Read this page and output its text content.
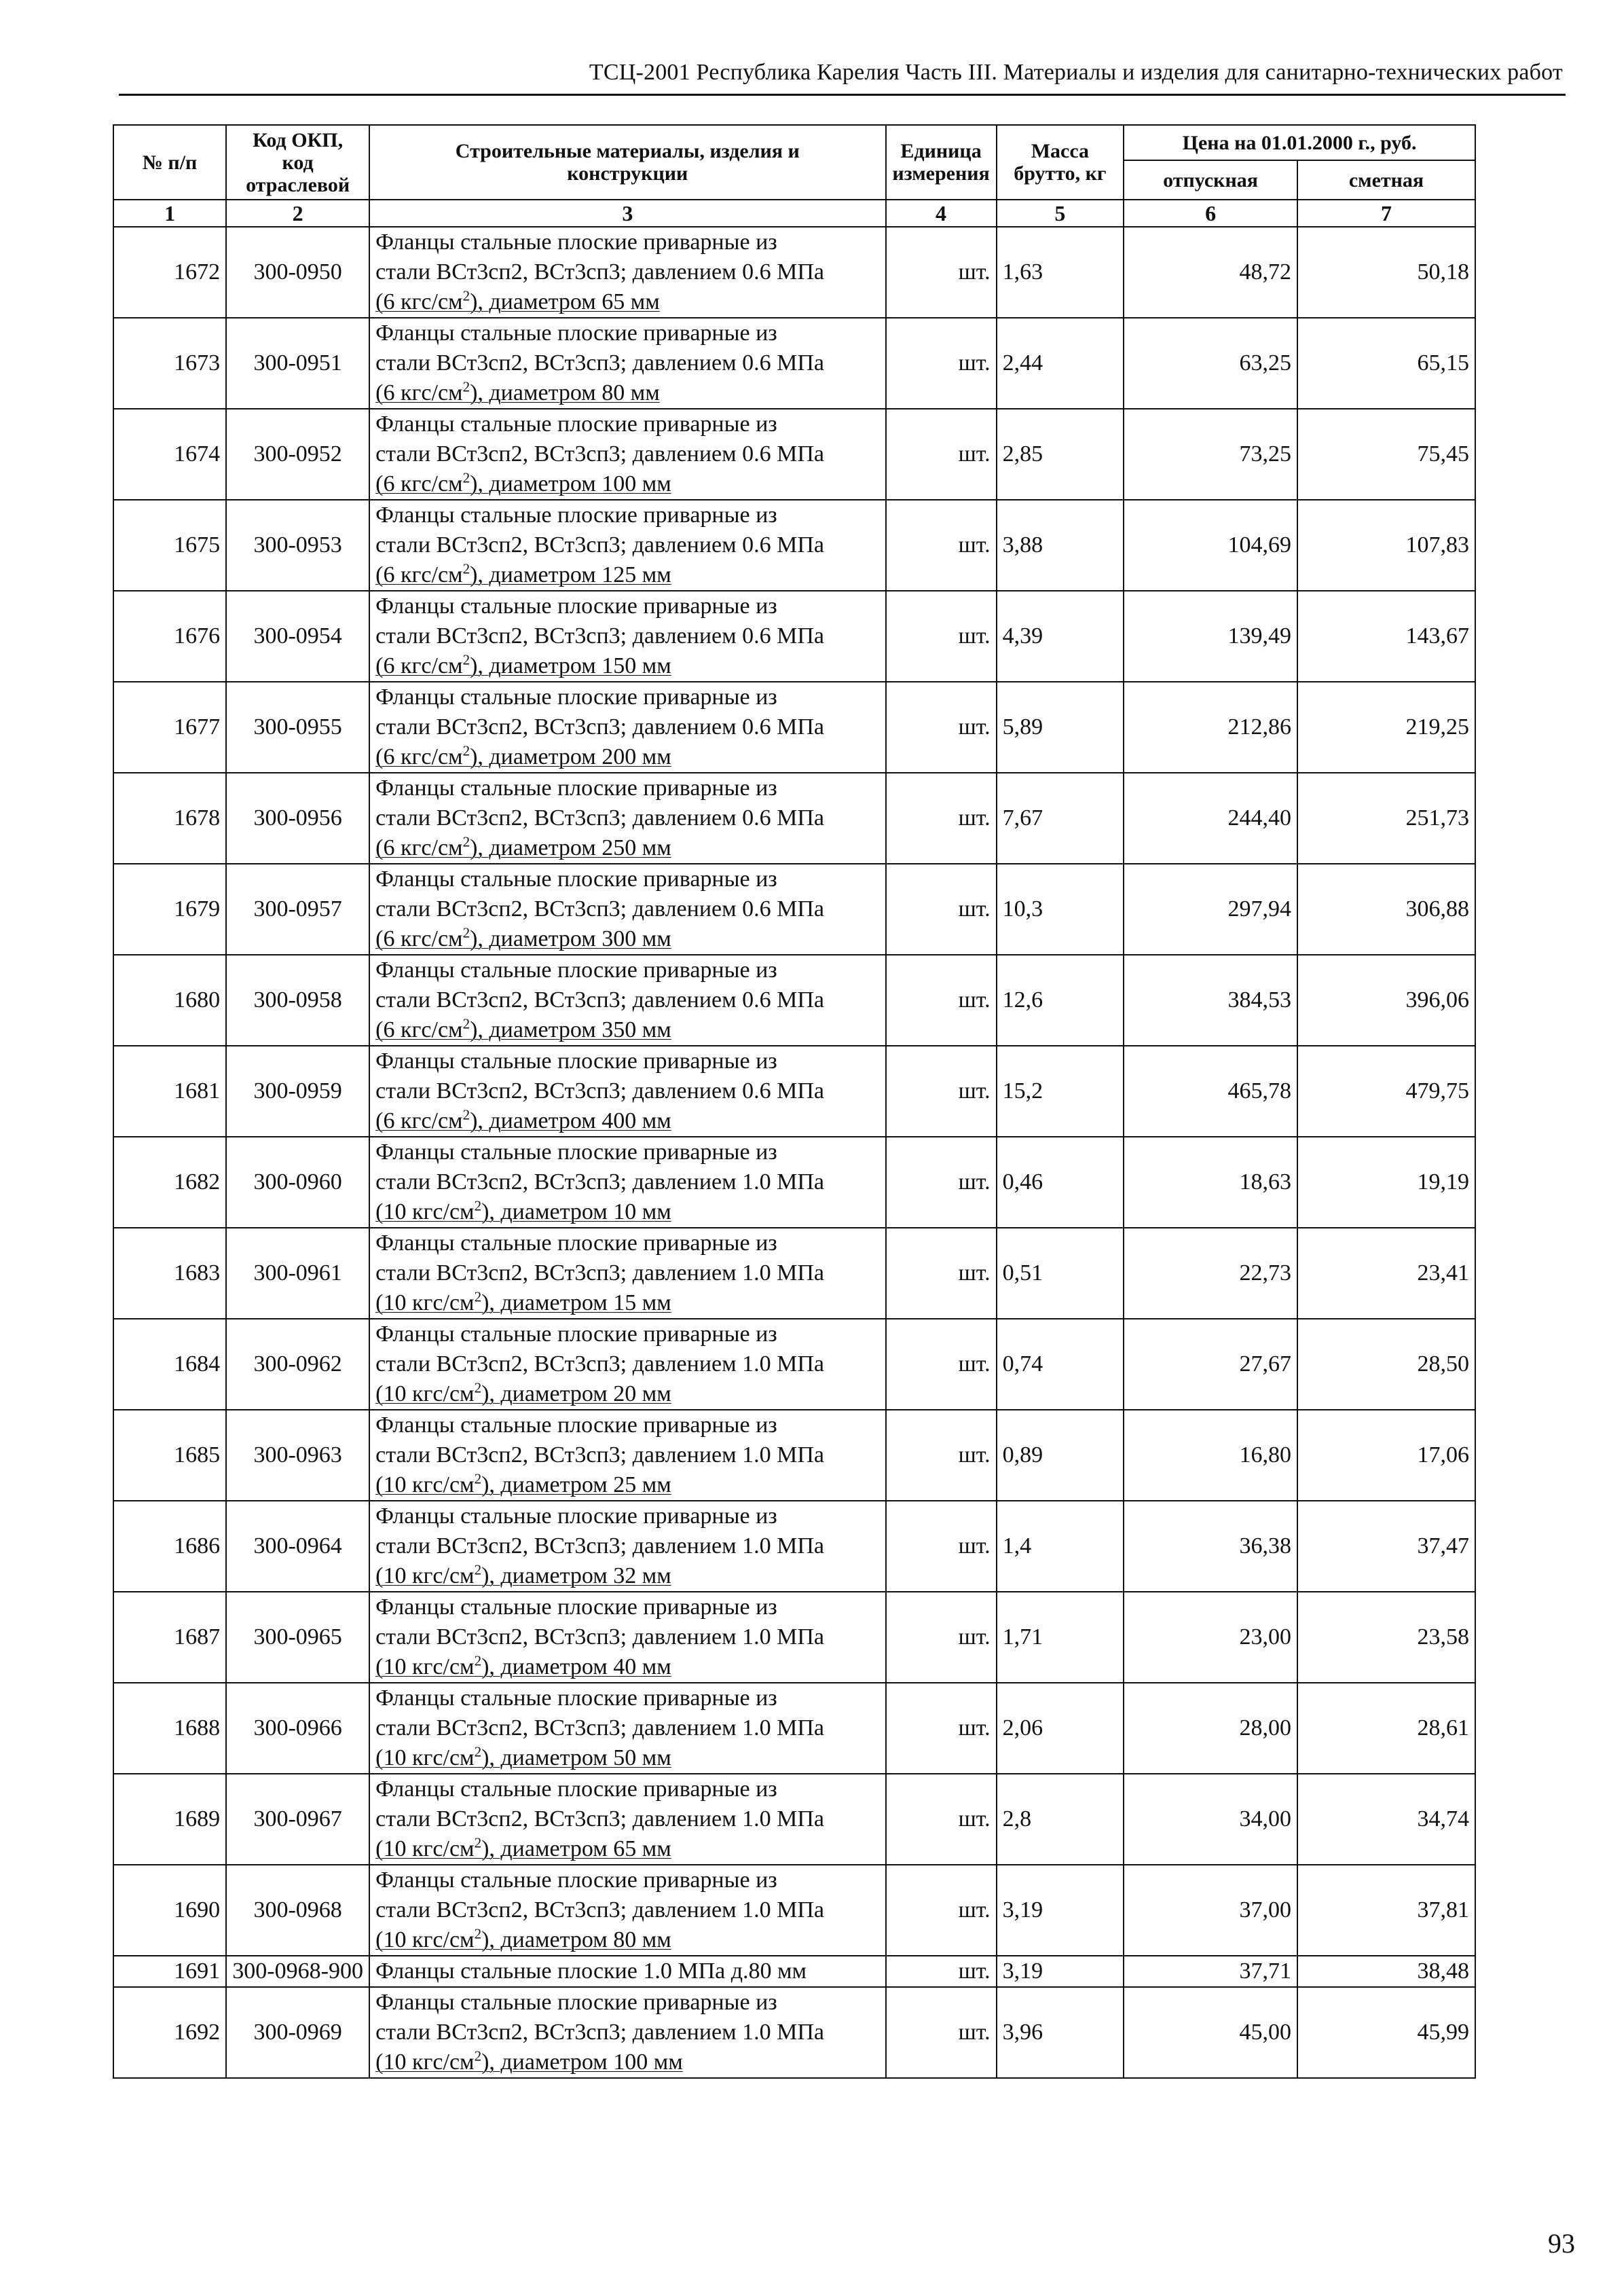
ТСЦ-2001 Республика Карелия Часть III. Материалы и изделия для санитарно-технических работ
№ п/п	Код ОКП,
код
отраслевой	Строительные материалы, изделия и
конструкции	Единица
измерения	Масса
брутто, кг	Цена на 01.01.2000 г., руб.	
					отпускная	сметная
1	2	3	4	5	6	7
1672	300-0950	Фланцы стальные плоские приварные из
стали ВСт3сп2, ВСт3сп3; давлением 0.6 МПа
(6 кгс/$см^2$), диаметром 65 мм	шт.	1,63	48,72	50,18
1673	300-0951	Фланцы стальные плоские приварные из
стали ВСт3сп2, ВСт3сп3; давлением 0.6 МПа
(6 кгс/$см^2$), диаметром 80 мм	шт.	2,44	63,25	65,15
1674	300-0952	Фланцы стальные плоские приварные из
стали ВСт3сп2, ВСт3сп3; давлением 0.6 МПа
(6 кгс/$см^2$), диаметром 100 мм	шт.	2,85	73,25	75,45
1675	300-0953	Фланцы стальные плоские приварные из
стали ВСт3сп2, ВСт3сп3; давлением 0.6 МПа
(6 кгс/$см^2$), диаметром 125 мм	шт.	3,88	104,69	107,83
1676	300-0954	Фланцы стальные плоские приварные из
стали ВСт3сп2, ВСт3сп3; давлением 0.6 МПа
(6 кгс/$см^2$), диаметром 150 мм	шт.	4,39	139,49	143,67
1677	300-0955	Фланцы стальные плоские приварные из
стали ВСт3сп2, ВСт3сп3; давлением 0.6 МПа
(6 кгс/$см^2$), диаметром 200 мм	шт.	5,89	212,86	219,25
1678	300-0956	Фланцы стальные плоские приварные из
стали ВСт3сп2, ВСт3сп3; давлением 0.6 МПа
(6 кгс/$см^2$), диаметром 250 мм	шт.	7,67	244,40	251,73
1679	300-0957	Фланцы стальные плоские приварные из
стали ВСт3сп2, ВСт3сп3; давлением 0.6 МПа
(6 кгс/$см^2$), диаметром 300 мм	шт.	10,3	297,94	306,88
1680	300-0958	Фланцы стальные плоские приварные из
стали ВСт3сп2, ВСт3сп3; давлением 0.6 МПа
(6 кгс/$см^2$), диаметром 350 мм	шт.	12,6	384,53	396,06
1681	300-0959	Фланцы стальные плоские приварные из
стали ВСт3сп2, ВСт3сп3; давлением 0.6 МПа
(6 кгс/$см^2$), диаметром 400 мм	шт.	15,2	465,78	479,75
1682	300-0960	Фланцы стальные плоские приварные из
стали ВСт3сп2, ВСт3сп3; давлением 1.0 МПа
(10 кгс/$см^2$), диаметром 10 мм	шт.	0,46	18,63	19,19
1683	300-0961	Фланцы стальные плоские приварные из
стали ВСт3сп2, ВСт3сп3; давлением 1.0 МПа
(10 кгс/$см^2$), диаметром 15 мм	шт.	0,51	22,73	23,41
1684	300-0962	Фланцы стальные плоские приварные из
стали ВСт3сп2, ВСт3сп3; давлением 1.0 МПа
(10 кгс/$см^2$), диаметром 20 мм	шт.	0,74	27,67	28,50
1685	300-0963	Фланцы стальные плоские приварные из
стали ВСт3сп2, ВСт3сп3; давлением 1.0 МПа
(10 кгс/$см^2$), диаметром 25 мм	шт.	0,89	16,80	17,06
1686	300-0964	Фланцы стальные плоские приварные из
стали ВСт3сп2, ВСт3сп3; давлением 1.0 МПа
(10 кгс/$см^2$), диаметром 32 мм	шт.	1,4	36,38	37,47
1687	300-0965	Фланцы стальные плоские приварные из
стали ВСт3сп2, ВСт3сп3; давлением 1.0 МПа
(10 кгс/$см^2$), диаметром 40 мм	шт.	1,71	23,00	23,58
1688	300-0966	Фланцы стальные плоские приварные из
стали ВСт3сп2, ВСт3сп3; давлением 1.0 МПа
(10 кгс/$см^2$), диаметром 50 мм	шт.	2,06	28,00	28,61
1689	300-0967	Фланцы стальные плоские приварные из
стали ВСт3сп2, ВСт3сп3; давлением 1.0 МПа
(10 кгс/$см^2$), диаметром 65 мм	шт.	2,8	34,00	34,74
1690	300-0968	Фланцы стальные плоские приварные из
стали ВСт3сп2, ВСт3сп3; давлением 1.0 МПа
(10 кгс/$см^2$), диаметром 80 мм	шт.	3,19	37,00	37,81
1691	300-0968-900	Фланцы стальные плоские 1.0 МПа д.80 мм	шт.	3,19	37,71	38,48
1692	300-0969	Фланцы стальные плоские приварные из
стали ВСт3сп2, ВСт3сп3; давлением 1.0 МПа
(10 кгс/$см^2$), диаметром 100 мм	шт.	3,96	45,00	45,99
93
